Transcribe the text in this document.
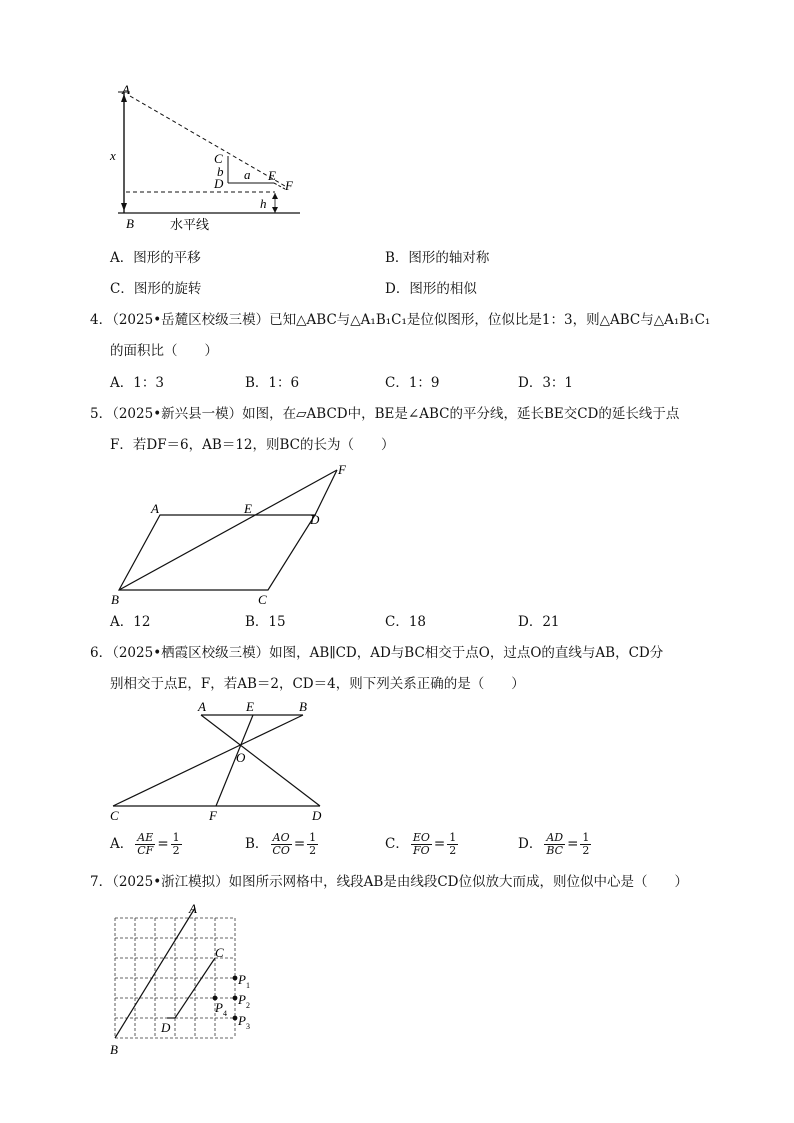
A
B
x	C
b
D
a E
F
h
水平线
A．图形的平移	B．图形的轴对称
C．图形的旋转	D．图形的相似
4．（2025•岳麓区校级三模）已知△ABC与△A₁B₁C₁是位似图形，位似比是1：3，则△ABC与△A₁B₁C₁
的面积比（　　）
A．1：3	B．1：6	C．1：9	D．3：1
5．（2025•新兴县一模）如图，在▱ABCD中，BE是∠ABC的平分线，延长BE交CD的延长线于点
F．若DF＝6，AB＝12，则BC的长为（　　）
A	E
D
F
B	C
A．12	B．15	C．18	D．21
6．（2025•栖霞区校级三模）如图，AB∥CD，AD与BC相交于点O，过点O的直线与AB，CD分
别相交于点E，F，若AB＝2，CD＝4，则下列关系正确的是（　　）
A	E	B
O
C	F	D
A． $\frac{AE}{CF} = \frac{1}{2}$	B． $\frac{AO}{CO} = \frac{1}{2}$	C． $\frac{EO}{FO} = \frac{1}{2}$	D． $\frac{AD}{BC} = \frac{1}{2}$
7．（2025•浙江模拟）如图所示网格中，线段AB是由线段CD位似放大而成，则位似中心是（　　）
A
B
C
D
$P_1$
$P_2$
$P_3$
$P_4$
